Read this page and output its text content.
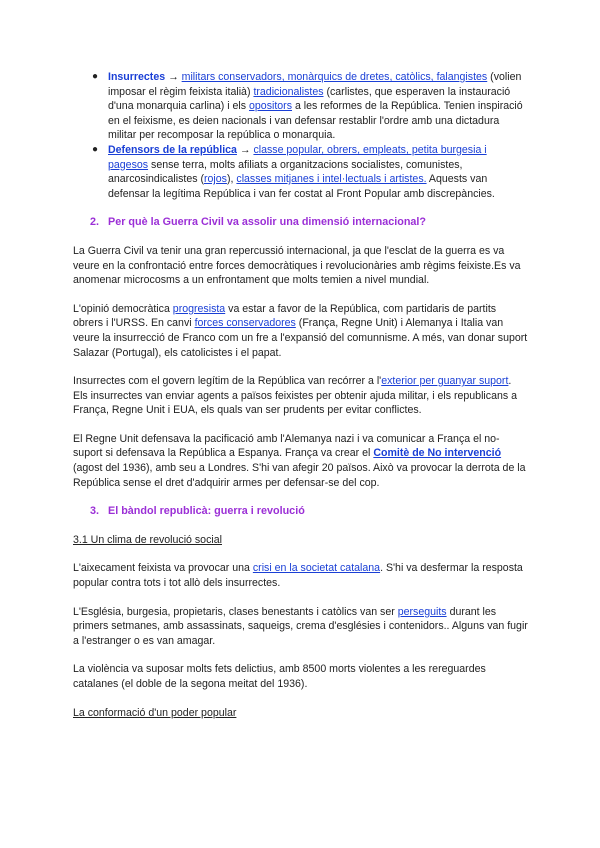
● Insurrectes → militars conservadors, monàrquics de dretes, catòlics, falangistes (volien imposar el règim feixista italià) tradicionalistes (carlistes, que esperaven la instauració d'una monarquia carlina) i els opositors a les reformes de la República. Tenien inspiració en el feixisme, es deien nacionals i van defensar restablir l'ordre amb una dictadura militar per recomposar la república o monarquia.
● Defensors de la república → classe popular, obrers, empleats, petita burgesia i pagesos sense terra, molts afiliats a organitzacions socialistes, comunistes, anarcosindicalistes (rojos), classes mitjanes i intel·lectuals i artistes. Aquests van defensar la legítima República i van fer costat al Front Popular amb discrepàncies.

2. Per què la Guerra Civil va assolir una dimensió internacional?

La Guerra Civil va tenir una gran repercussió internacional, ja que l'esclat de la guerra es va veure en la confrontació entre forces democràtiques i revolucionàries amb règims feixiste.Es va anomenar microcosms a un enfrontament que molts temien a nivel mundial.

L'opinió democràtica progresista va estar a favor de la República, com partidaris de partits obrers i l'URSS. En canvi forces conservadores (França, Regne Unit) i Alemanya i Italia van veure la insurrecció de Franco com un fre a l'expansió del comunnisme. A més, van donar suport Salazar (Portugal), els catolicistes i el papat.

Insurrectes com el govern legítim de la República van recórrer a l'exterior per guanyar suport. Els insurrectes van enviar agents a països feixistes per obtenir ajuda militar, i els republicans a França, Regne Unit i EUA, els quals van ser prudents per evitar conflictes.

El Regne Unit defensava la pacificació amb l'Alemanya nazi i va comunicar a França el no-suport si defensava la República a Espanya. França va crear el Comitè de No intervenció (agost del 1936), amb seu a Londres. S'hi van afegir 20 països. Això va provocar la derrota de la República sense el dret d'adquirir armes per defensar-se del cop.

3. El bàndol republicà: guerra i revolució

3.1 Un clima de revolució social

L'aixecament feixista va provocar una crisi en la societat catalana. S'hi va desfermar la resposta popular contra tots i tot allò dels insurrectes.

L'Església, burgesia, propietaris, clases benestants i catòlics van ser perseguits durant les primers setmanes, amb assassinats, saqueigs, crema d'esglésies i contenidors.. Alguns van fugir a l'estranger o es van amagar.

La violència va suposar molts fets delictius, amb 8500 morts violentes a les rereguardes catalanes (el doble de la segona meitat del 1936).

La conformació d'un poder popular
